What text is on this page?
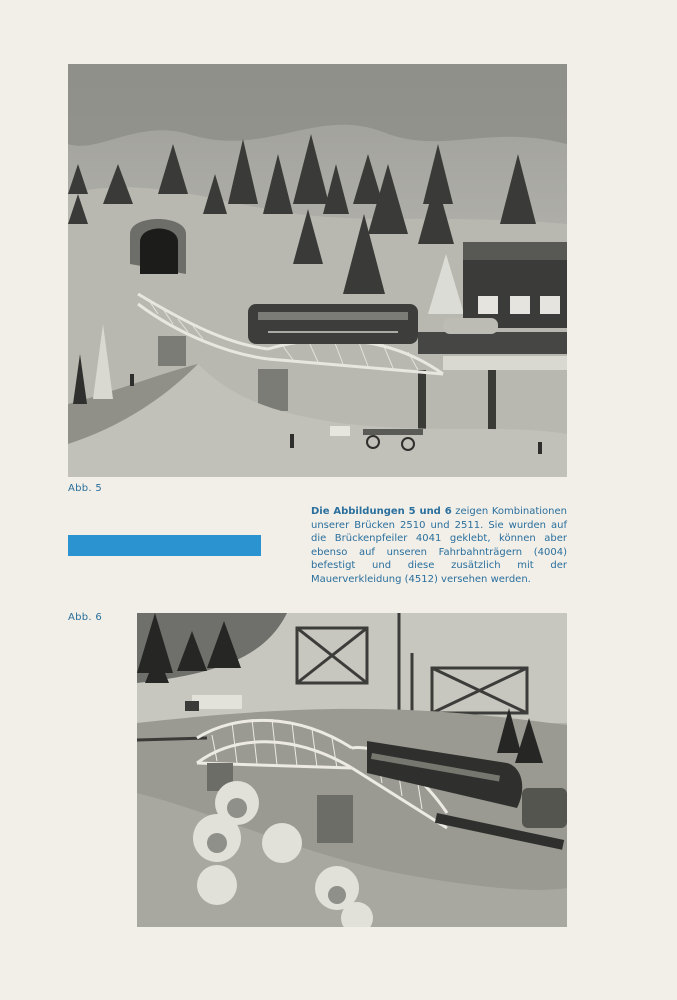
Abb. 5
Die Abbildungen 5 und 6 zeigen Kombinationen unserer Brücken 2510 und 2511. Sie wurden auf die Brückenpfeiler 4041 geklebt, können aber ebenso auf unseren Fahrbahnträgern (4004) befestigt und diese zusätzlich mit der Mauerverkleidung (4512) versehen werden.
Abb. 6
